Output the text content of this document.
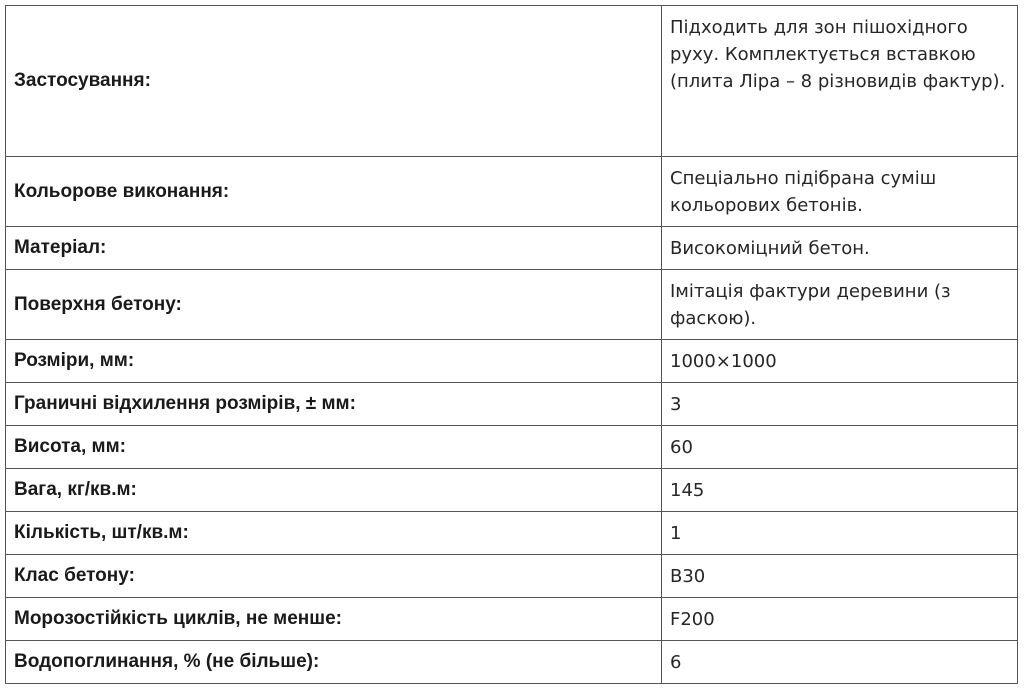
Застосування:	Підходить для зон пішохідного руху. Комплектується вставкою (плита Ліра – 8 різновидів фактур).
Кольорове виконання:	Спеціально підібрана суміш кольорових бетонів.
Матеріал:	Високоміцний бетон.
Поверхня бетону:	Імітація фактури деревини (з фаскою).
Розміри, мм:	1000×1000
Граничні відхилення розмірів, ± мм:	3
Висота, мм:	60
Вага, кг/кв.м:	145
Кількість, шт/кв.м:	1
Клас бетону:	B30
Морозостійкість циклів, не менше:	F200
Водопоглинання, % (не більше):	6
